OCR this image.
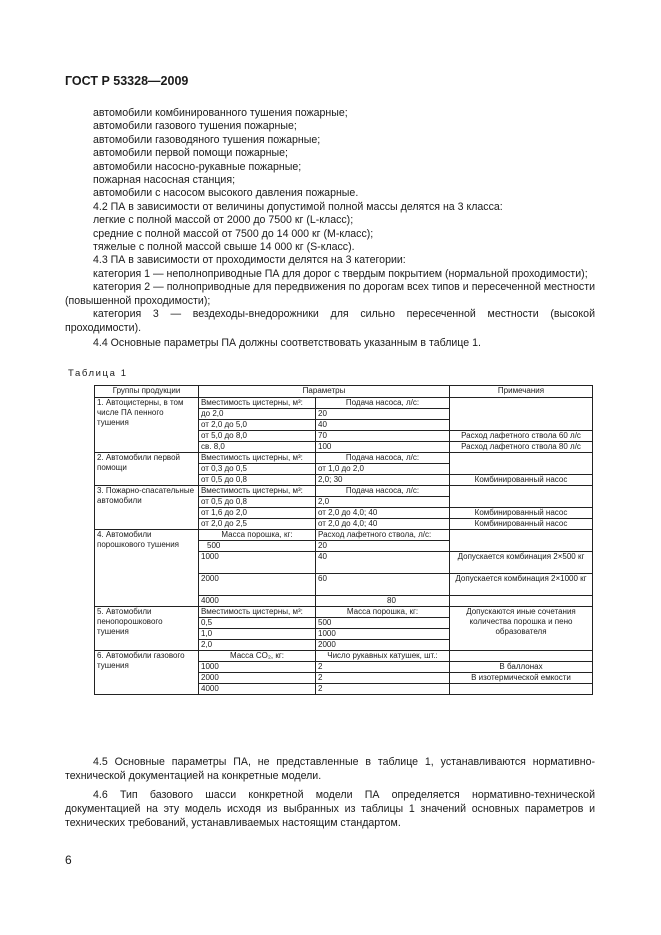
ГОСТ Р 53328—2009
автомобили комбинированного тушения пожарные;
автомобили газового тушения пожарные;
автомобили газоводяного тушения пожарные;
автомобили первой помощи пожарные;
автомобили насосно-рукавные пожарные;
пожарная насосная станция;
автомобили с насосом высокого давления пожарные.
4.2 ПА в зависимости от величины допустимой полной массы делятся на 3 класса:
легкие с полной массой от 2000 до 7500 кг (L-класс);
средние с полной массой от 7500 до 14 000 кг (M-класс);
тяжелые с полной массой свыше 14 000 кг (S-класс).
4.3 ПА в зависимости от проходимости делятся на 3 категории:
категория 1 — неполноприводные ПА для дорог с твердым покрытием (нормальной проходимости);
категория 2 — полноприводные для передвижения по дорогам всех типов и пересеченной местности (повышенной проходимости);
категория 3 — вездеходы-внедорожники для сильно пересеченной местности (высокой проходимости).
4.4 Основные параметры ПА должны соответствовать указанным в таблице 1.
Таблица 1
Группы продукции	Параметры		Примечания
1. Автоцистерны, в том числе ПА пенного тушения	Вместимость цистерны, м³:	Подача насоса, л/с:	
	до 2,0	20	
	от 2,0 до 5,0	40	
	от 5,0 до 8,0	70	Расход лафетного ствола 60 л/с
	св. 8,0	100	Расход лафетного ствола 80 л/с
2. Автомобили первой помощи	Вместимость цистерны, м³:	Подача насоса, л/с:	
	от 0,3 до 0,5	от 1,0 до 2,0	
	от 0,5 до 0,8	2,0; 30	Комбинированный насос
3. Пожарно-спасательные автомобили	Вместимость цистерны, м³:	Подача насоса, л/с:	
	от 0,5 до 0,8	2,0	
	от 1,6 до 2,0	от 2,0 до 4,0; 40	Комбинированный насос
	от 2,0 до 2,5	от 2,0 до 4,0; 40	Комбинированный насос
4. Автомобили порошкового тушения	Масса порошка, кг:	Расход лафетного ствола, л/с:	
	500	20	
	1000	40	Допускается комбинация 2×500 кг
	2000	60	Допускается комбинация 2×1000 кг
	4000	80	
5. Автомобили пенопорошкового тушения	Вместимость цистерны, м³:	Масса порошка, кг:	Допускаются иные сочетания количества порошка и пено образователя
	0,5	500	
	1,0	1000	
	2,0	2000	
6. Автомобили газового тушения	Масса CO₂, кг:	Число рукавных катушек, шт.:	
	1000	2	В баллонах
	2000	2	В изотермической емкости
	4000	2	
4.5 Основные параметры ПА, не представленные в таблице 1, устанавливаются нормативно-технической документацией на конкретные модели.
4.6 Тип базового шасси конкретной модели ПА определяется нормативно-технической документацией на эту модель исходя из выбранных из таблицы 1 значений основных параметров и технических требований, устанавливаемых настоящим стандартом.
6
